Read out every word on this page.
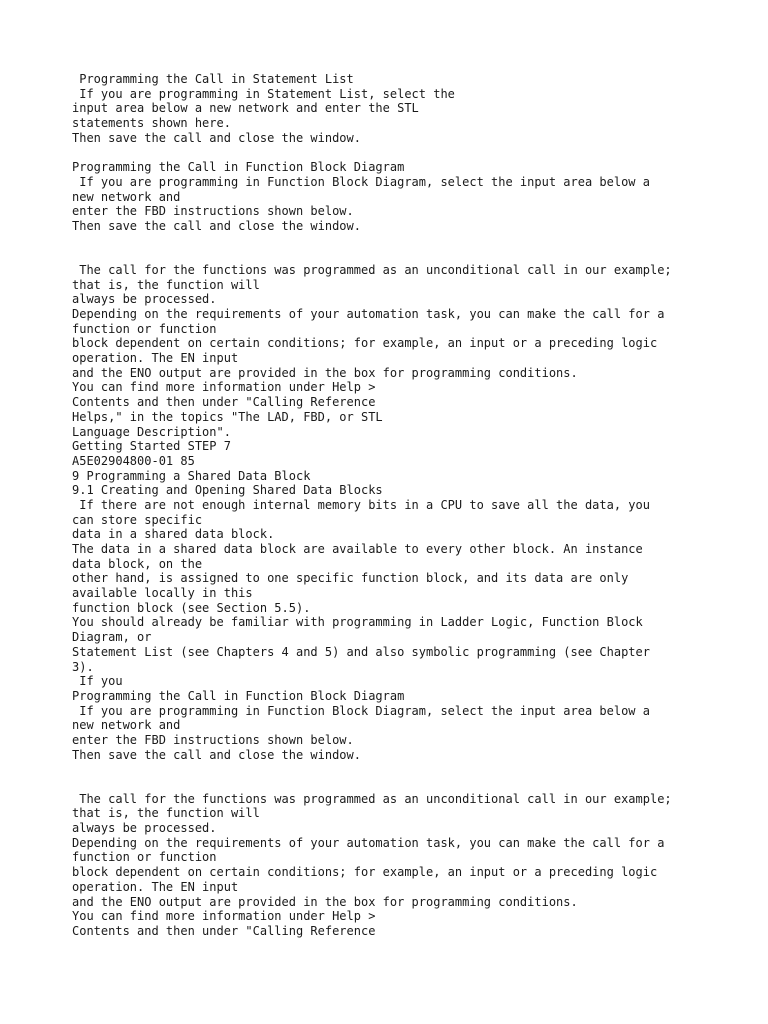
Programming the Call in Statement List
If you are programming in Statement List, select the
input area below a new network and enter the STL
statements shown here.
Then save the call and close the window.
Programming the Call in Function Block Diagram
If you are programming in Function Block Diagram, select the input area below a
new network and
enter the FBD instructions shown below.
Then save the call and close the window.
The call for the functions was programmed as an unconditional call in our example;
that is, the function will
always be processed.
Depending on the requirements of your automation task, you can make the call for a
function or function
block dependent on certain conditions; for example, an input or a preceding logic
operation. The EN input
and the ENO output are provided in the box for programming conditions.
You can find more information under Help >
Contents and then under "Calling Reference
Helps," in the topics "The LAD, FBD, or STL
Language Description".
Getting Started STEP 7
A5E02904800-01 85
9 Programming a Shared Data Block
9.1 Creating and Opening Shared Data Blocks
If there are not enough internal memory bits in a CPU to save all the data, you
can store specific
data in a shared data block.
The data in a shared data block are available to every other block. An instance
data block, on the
other hand, is assigned to one specific function block, and its data are only
available locally in this
function block (see Section 5.5).
You should already be familiar with programming in Ladder Logic, Function Block
Diagram, or
Statement List (see Chapters 4 and 5) and also symbolic programming (see Chapter
3).
If you
Programming the Call in Function Block Diagram
If you are programming in Function Block Diagram, select the input area below a
new network and
enter the FBD instructions shown below.
Then save the call and close the window.
The call for the functions was programmed as an unconditional call in our example;
that is, the function will
always be processed.
Depending on the requirements of your automation task, you can make the call for a
function or function
block dependent on certain conditions; for example, an input or a preceding logic
operation. The EN input
and the ENO output are provided in the box for programming conditions.
You can find more information under Help >
Contents and then under "Calling Reference
